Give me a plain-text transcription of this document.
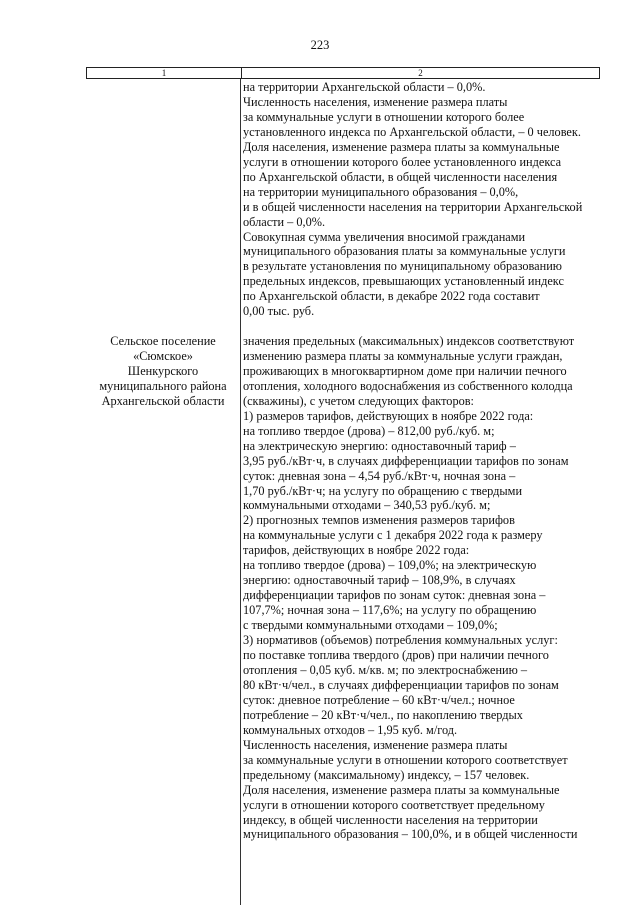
223
1	2
на территории Архангельской области – 0,0%.
Численность населения, изменение размера платы
за коммунальные услуги в отношении которого более
установленного индекса по Архангельской области, – 0 человек.
Доля населения, изменение размера платы за коммунальные
услуги в отношении которого более установленного индекса
по Архангельской области, в общей численности населения
на территории муниципального образования – 0,0%,
и в общей численности населения на территории Архангельской
области – 0,0%.
Совокупная сумма увеличения вносимой гражданами
муниципального образования платы за коммунальные услуги
в результате установления по муниципальному образованию
предельных индексов, превышающих установленный индекс
по Архангельской области, в декабре 2022 года составит
0,00 тыс. руб.
Сельское поселение
«Сюмское»
Шенкурского
муниципального района
Архангельской области
значения предельных (максимальных) индексов соответствуют
изменению размера платы за коммунальные услуги граждан,
проживающих в многоквартирном доме при наличии печного
отопления, холодного водоснабжения из собственного колодца
(скважины), с учетом следующих факторов:
1) размеров тарифов, действующих в ноябре 2022 года:
на топливо твердое (дрова) – 812,00 руб./куб. м;
на электрическую энергию: одноставочный тариф –
3,95 руб./кВт·ч, в случаях дифференциации тарифов по зонам
суток: дневная зона – 4,54 руб./кВт·ч, ночная зона –
1,70 руб./кВт·ч; на услугу по обращению с твердыми
коммунальными отходами – 340,53 руб./куб. м;
2) прогнозных темпов изменения размеров тарифов
на коммунальные услуги с 1 декабря 2022 года к размеру
тарифов, действующих в ноябре 2022 года:
на топливо твердое (дрова) – 109,0%; на электрическую
энергию: одноставочный тариф – 108,9%, в случаях
дифференциации тарифов по зонам суток: дневная зона –
107,7%; ночная зона – 117,6%; на услугу по обращению
с твердыми коммунальными отходами – 109,0%;
3) нормативов (объемов) потребления коммунальных услуг:
по поставке топлива твердого (дров) при наличии печного
отопления – 0,05 куб. м/кв. м; по электроснабжению –
80 кВт·ч/чел., в случаях дифференциации тарифов по зонам
суток: дневное потребление – 60 кВт·ч/чел.; ночное
потребление – 20 кВт·ч/чел., по накоплению твердых
коммунальных отходов – 1,95 куб. м/год.
Численность населения, изменение размера платы
за коммунальные услуги в отношении которого соответствует
предельному (максимальному) индексу, – 157 человек.
Доля населения, изменение размера платы за коммунальные
услуги в отношении которого соответствует предельному
индексу, в общей численности населения на территории
муниципального образования – 100,0%, и в общей численности
